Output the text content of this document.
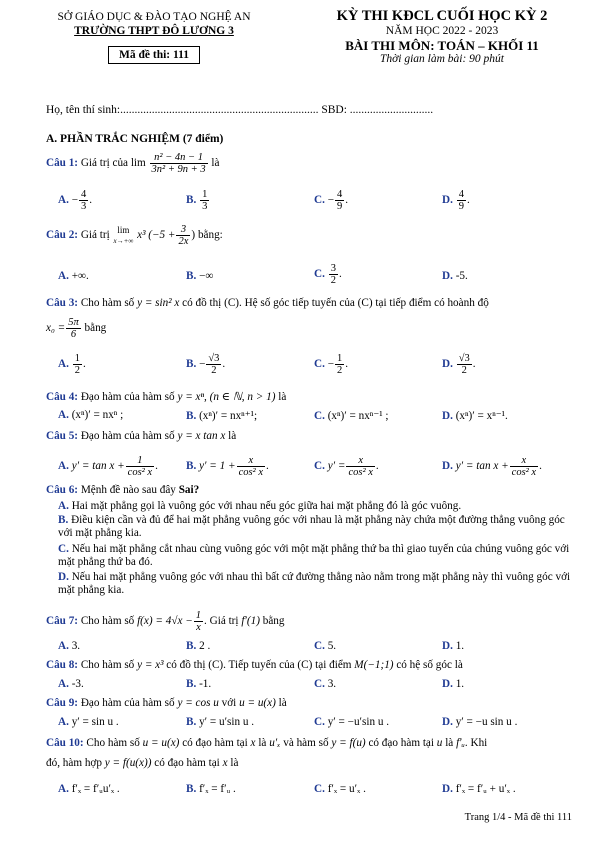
SỞ GIÁO DỤC & ĐÀO TẠO NGHỆ AN
TRƯỜNG THPT ĐÔ LƯƠNG 3
Mã đề thi: 111
KỲ THI KĐCL CUỐI HỌC KỲ 2
NĂM HỌC 2022 - 2023
BÀI THI MÔN: TOÁN – KHỐI 11
Thời gian làm bài: 90 phút
Họ, tên thí sinh:..................................................................... SBD: .............................
A. PHẦN TRẮC NGHIỆM (7 điểm)
Câu 1: Giá trị của $\lim \frac{\text{n² − 4n − 1}}{\text{3n² + 9n + 3}}$ là
A. − $\frac{4}{3}$ .	B. $\frac{1}{3}$	C. − $\frac{4}{9}$ .	D. $\frac{4}{9}$ .
Câu 2: Giá trị lim
x→+∞ x³ ($-5 + \frac{3}{2x}$ ) bằng:
A. +∞.	B. −∞	C. $\frac{3}{2}$ .	D. -5.
Câu 3: Cho hàm số y = sin² x có đồ thị (C). Hệ số góc tiếp tuyến của (C) tại tiếp điểm có hoành độ
$x_0 = \frac{5\pi}{6}$ bằng
A. $\frac{1}{2}$ .	B. − $\frac{√3}{2}$ .	C. − $\frac{1}{2}$ .	D. $\frac{√3}{2}$ .
Câu 4: Đạo hàm của hàm số y = xⁿ, (n ∈ ℕ, n > 1) là
A. (xⁿ)′ = nxⁿ ;	B. (xⁿ)′ = nxⁿ⁺¹;	C. (xⁿ)′ = nxⁿ⁻¹ ;	D. (xⁿ)′ = xⁿ⁻¹.
Câu 5: Đạo hàm của hàm số y = x tan x là
A. $y' = \tan x + \frac{1}{\text{cos² x}}$ .	B. $y' = 1 + \frac{x}{\text{cos² x}}$ .	C. $y' = \frac{x}{\text{cos² x}}$ .	D. $y' = \tan x + \frac{x}{\text{cos² x}}$ .
Câu 6: Mệnh đề nào sau đây Sai?
A. Hai mặt phẳng gọi là vuông góc với nhau nếu góc giữa hai mặt phẳng đó là góc vuông.
B. Điều kiện cần và đủ để hai mặt phẳng vuông góc với nhau là mặt phẳng này chứa một đường thẳng vuông góc với mặt phẳng kia.
C. Nếu hai mặt phẳng cắt nhau cùng vuông góc với một mặt phẳng thứ ba thì giao tuyến của chúng vuông góc với mặt phẳng thứ ba đó.
D. Nếu hai mặt phẳng vuông góc với nhau thì bất cứ đường thẳng nào nằm trong mặt phẳng này thì vuông góc với mặt phẳng kia.
Câu 7: Cho hàm số $f(x) = 4√x - \frac{1}{x}$ . Giá trị f′(1) bằng
A. 3.	B. 2 .	C. 5.	D. 1.
Câu 8: Cho hàm số y = x³ có đồ thị (C). Tiếp tuyến của (C) tại điểm M(−1;1) có hệ số góc là
A. -3.	B. -1.	C. 3.	D. 1.
Câu 9: Đạo hàm của hàm số y = cos u với u = u(x) là
A. y′ = sin u .	B. y′ = u′sin u .	C. y′ = −u′sin u .	D. y′ = −u sin u .
Câu 10: Cho hàm số u = u(x) có đạo hàm tại x là u′ₓ và hàm số y = f(u) có đạo hàm tại u là f′ᵤ. Khi
đó, hàm hợp y = f(u(x)) có đạo hàm tại x là
A. f′ₓ = f′ᵤu′ₓ .	B. f′ₓ = f′ᵤ .	C. f′ₓ = u′ₓ .	D. f′ₓ = f′ᵤ + u′ₓ .
Trang 1/4 - Mã đề thi 111
